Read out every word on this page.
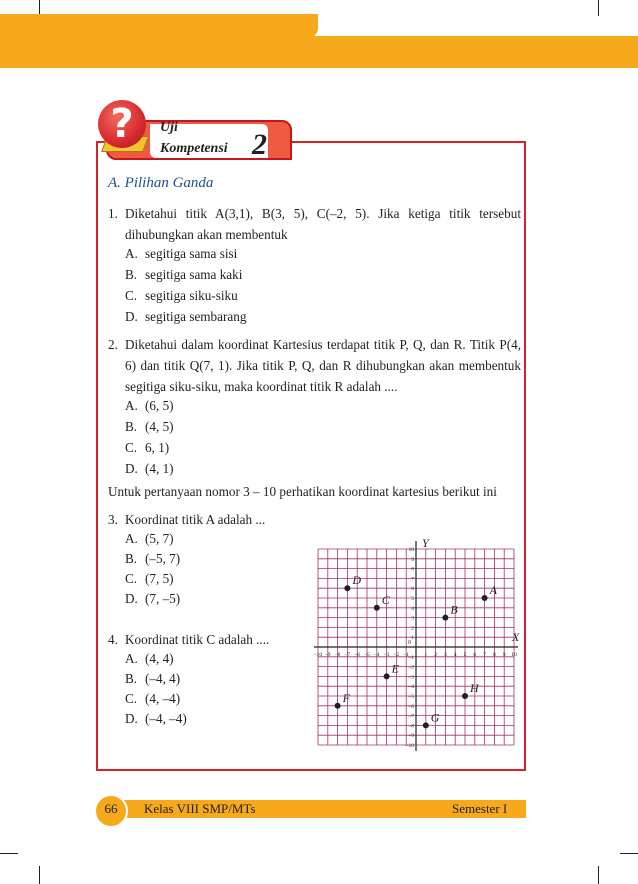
?	Uji
Kompetensi 2
A. Pilihan Ganda
1. Diketahui titik A(3,1), B(3, 5), C(–2, 5). Jika ketiga titik tersebut dihubungkan akan membentuk
A. segitiga sama sisi
B. segitiga sama kaki
C. segitiga siku-siku
D. segitiga sembarang
2. Diketahui dalam koordinat Kartesius terdapat titik P, Q, dan R. Titik P(4, 6) dan titik Q(7, 1). Jika titik P, Q, dan R dihubungkan akan membentuk segitiga siku-siku, maka koordinat titik R adalah ....
A. (6, 5)
B. (4, 5)
C. 6, 1)
D. (4, 1)
Untuk pertanyaan nomor 3 – 10 perhatikan koordinat kartesius berikut ini
3. Koordinat titik A adalah ...
A. (5, 7)
B. (–5, 7)
C. (7, 5)
D. (7, –5)
4. Koordinat titik C adalah ....
A. (4, 4)
B. (–4, 4)
C. (4, –4)
D. (–4, –4)
X
Y
0
–10 –9 –8 –7 –6 –5 –4 –3 –2 –1	1 2 3 4 5 6 7 8 9 10
10
9
8
7
6
5
4
3
2
1
–1
–2
–3
–4
–5
–6
–7
–8
–9
–10
A
B
C
D
E
F
G
H
66	Kelas VIII SMP/MTs	Semester I
